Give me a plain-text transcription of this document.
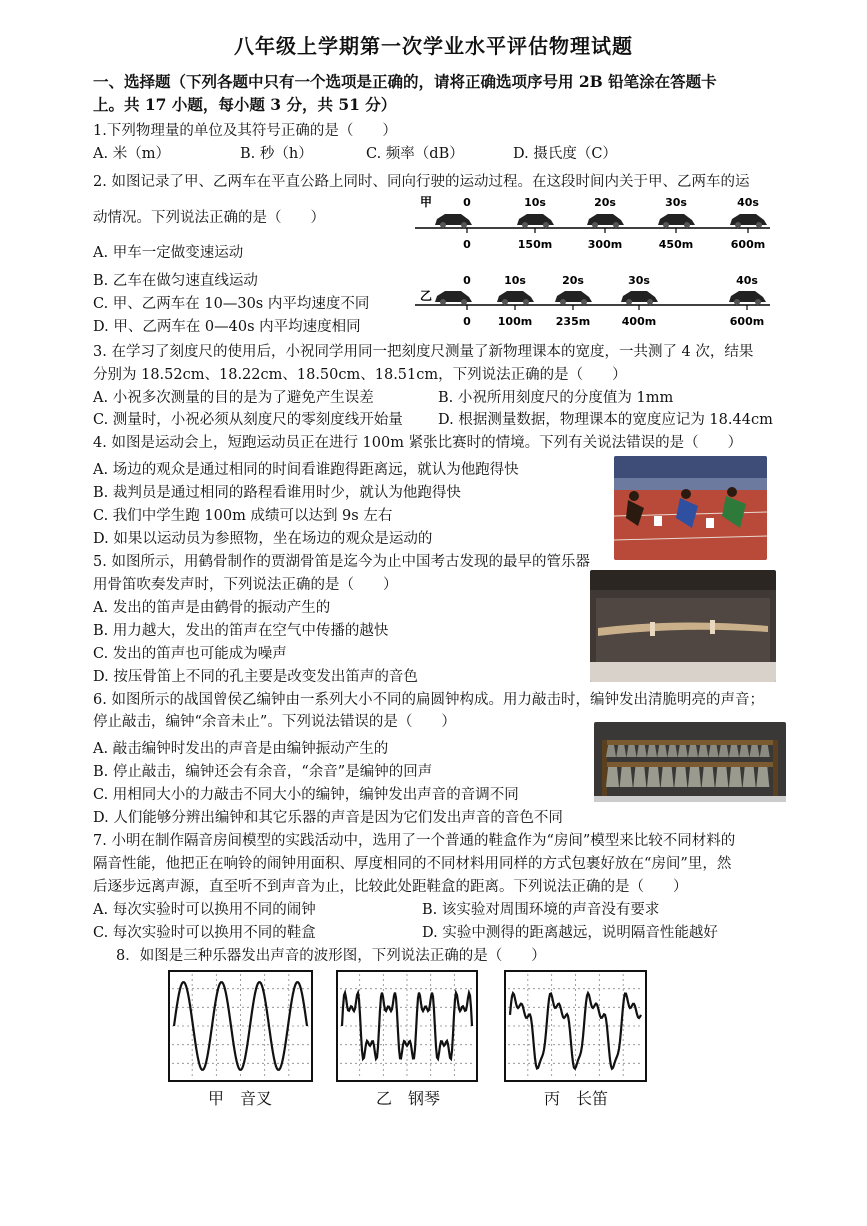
八年级上学期第一次学业水平评估物理试题
一、选择题（下列各题中只有一个选项是正确的，请将正确选项序号用 2B 铅笔涂在答题卡
上。共 17 小题，每小题 3 分，共 51 分）
1.下列物理量的单位及其符号正确的是（　　）
A. 米（m）	B. 秒（h）	C. 频率（dB）	D. 摄氏度（C）
2. 如图记录了甲、乙两车在平直公路上同时、同向行驶的运动过程。在这段时间内关于甲、乙两车的运
动情况。下列说法正确的是（　　）
A. 甲车一定做变速运动
B. 乙车在做匀速直线运动
C. 甲、乙两车在 10—30s 内平均速度不同
D. 甲、乙两车在 0—40s 内平均速度相同
甲	0
0
10s
150m
20s
300m
30s
450m
40s
600m
乙
0
0
10s
100m
20s
235m
30s
400m
40s
600m
3. 在学习了刻度尺的使用后，小祝同学用同一把刻度尺测量了新物理课本的宽度，一共测了 4 次，结果
分别为 18.52cm、18.22cm、18.50cm、18.51cm，下列说法正确的是（　　）
A. 小祝多次测量的目的是为了避免产生误差	B. 小祝所用刻度尺的分度值为 1mm
C. 测量时，小祝必须从刻度尺的零刻度线开始量 D. 根据测量数据，物理课本的宽度应记为 18.44cm
4. 如图是运动会上，短跑运动员正在进行 100m 紧张比赛时的情境。下列有关说法错误的是（　　）
A. 场边的观众是通过相同的时间看谁跑得距离远，就认为他跑得快
B. 裁判员是通过相同的路程看谁用时少，就认为他跑得快
C. 我们中学生跑 100m 成绩可以达到 9s 左右
D. 如果以运动员为参照物，坐在场边的观众是运动的
5. 如图所示，用鹤骨制作的贾湖骨笛是迄今为止中国考古发现的最早的管乐器
用骨笛吹奏发声时，下列说法正确的是（　　）
A. 发出的笛声是由鹤骨的振动产生的
B. 用力越大，发出的笛声在空气中传播的越快
C. 发出的笛声也可能成为噪声
D. 按压骨笛上不同的孔主要是改变发出笛声的音色
6. 如图所示的战国曾侯乙编钟由一系列大小不同的扁圆钟构成。用力敲击时，编钟发出清脆明亮的声音；
停止敲击，编钟“余音未止”。下列说法错误的是（　　）
A. 敲击编钟时发出的声音是由编钟振动产生的
B. 停止敲击，编钟还会有余音，“余音”是编钟的回声
C. 用相同大小的力敲击不同大小的编钟，编钟发出声音的音调不同
D. 人们能够分辨出编钟和其它乐器的声音是因为它们发出声音的音色不同
7. 小明在制作隔音房间模型的实践活动中，选用了一个普通的鞋盒作为“房间”模型来比较不同材料的
隔音性能，他把正在响铃的闹钟用面积、厚度相同的不同材料用同样的方式包裹好放在“房间”里，然
后逐步远离声源，直至听不到声音为止，比较此处距鞋盒的距离。下列说法正确的是（　　）
A. 每次实验时可以换用不同的闹钟	B. 该实验对周围环境的声音没有要求
C. 每次实验时可以换用不同的鞋盒	D. 实验中测得的距离越远，说明隔音性能越好
8．如图是三种乐器发出声音的波形图，下列说法正确的是（　　）
甲　音叉	乙　钢琴	丙　长笛
